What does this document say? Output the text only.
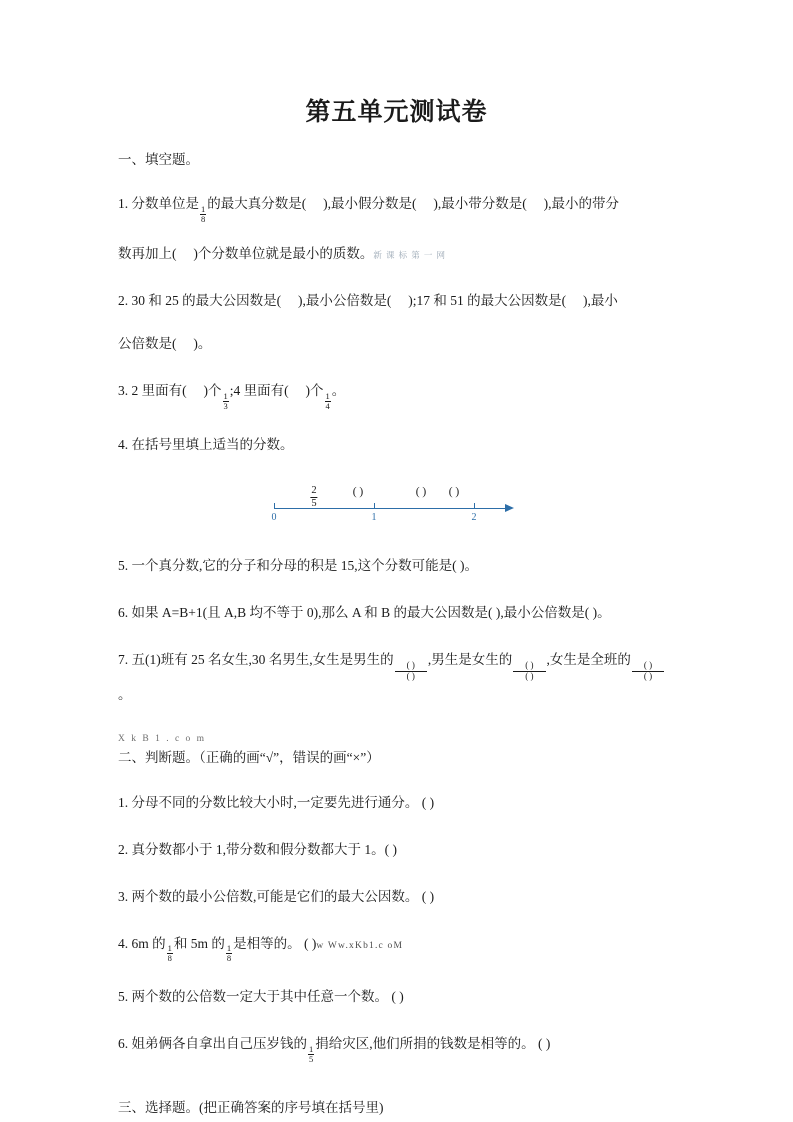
第五单元测试卷
一、填空题。
1. 分数单位是
$\frac{1}{8}$
的最大真分数是( ),最小假分数是( ),最小带分数是( ),最小的带分
数再加上( )个分数单位就是最小的质数。新 课 标 第 一 网
2. 30 和 25 的最大公因数是( ),最小公倍数是( );17 和 51 的最大公因数是( ),最小
公倍数是( )。
3. 2 里面有( )个
$\frac{1}{3}$
;4 里面有( )个
$\frac{1}{4}$
。
4. 在括号里填上适当的分数。
0	1	2
$\frac{2}{5}$	( )	( ) ( )
5. 一个真分数,它的分子和分母的积是 15,这个分数可能是( )。
6. 如果 A=B+1(且 A,B 均不等于 0),那么 A 和 B 的最大公因数是( ),最小公倍数是( )。
7. 五(1)班有 25 名女生,30 名男生,女生是男生的
$\frac{( )}{( )}$
,男生是女生的
$\frac{( )}{( )}$
,女生是全班的
$\frac{( )}{( )}$
。
X k B 1 . c o m
二、判断题。（正确的画“√”，错误的画“×”）
1. 分母不同的分数比较大小时,一定要先进行通分。 ( )
2. 真分数都小于 1,带分数和假分数都大于 1。( )
3. 两个数的最小公倍数,可能是它们的最大公因数。 ( )
4. 6m 的
$\frac{1}{8}$
和 5m 的
$\frac{1}{8}$
是相等的。 ( )w Ww.xKb1.c oM
5. 两个数的公倍数一定大于其中任意一个数。 ( )
6. 姐弟俩各自拿出自己压岁钱的
$\frac{1}{5}$
捐给灾区,他们所捐的钱数是相等的。 ( )
三、选择题。(把正确答案的序号填在括号里)
